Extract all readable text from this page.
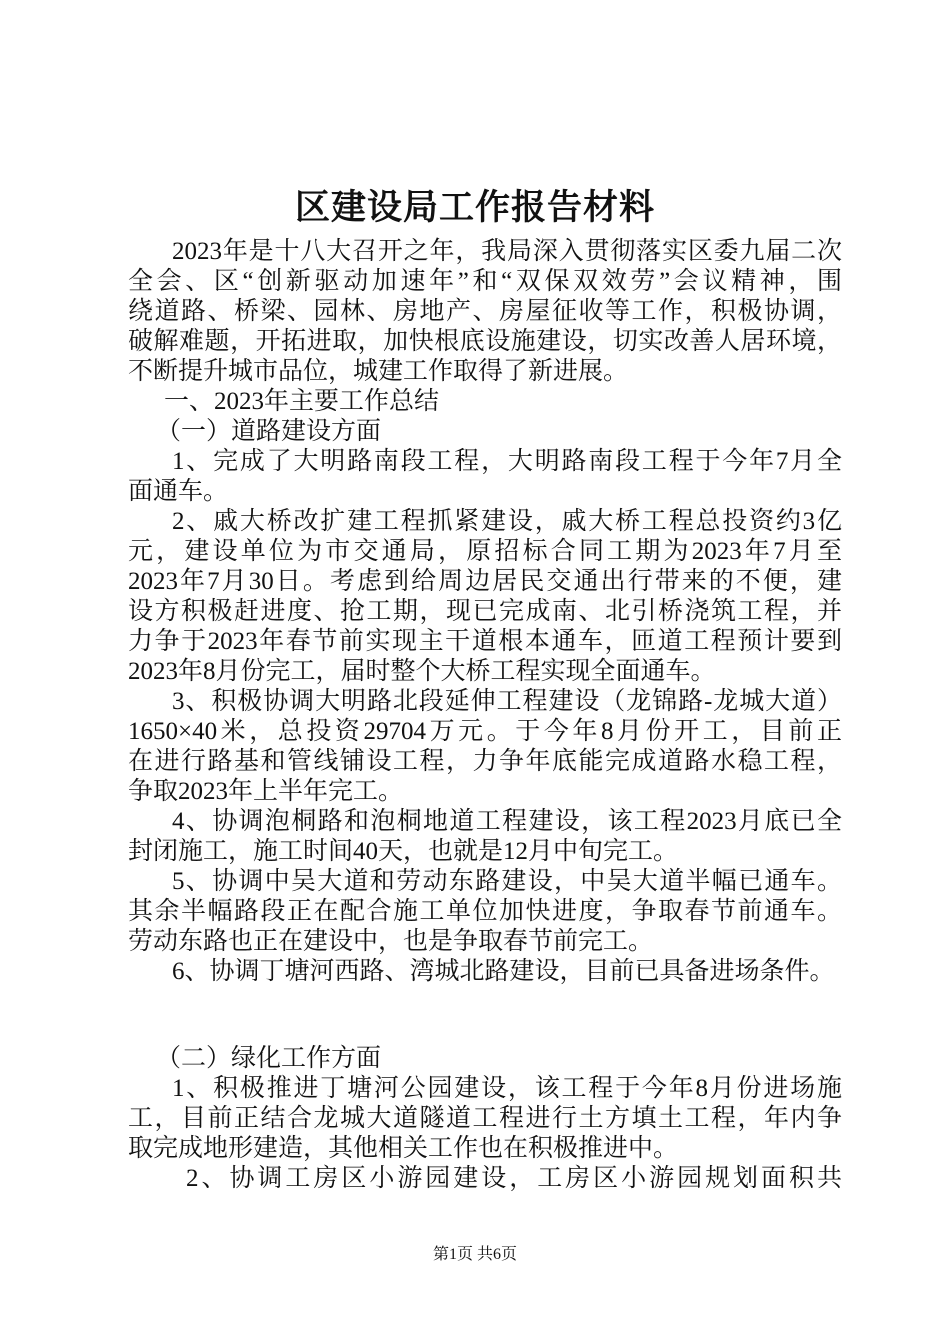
区建设局工作报告材料
2023年是十八大召开之年，我局深入贯彻落实区委九届二次
全会、区“创新驱动加速年”和“双保双效劳”会议精神，围
绕道路、桥梁、园林、房地产、房屋征收等工作，积极协调，
破解难题，开拓进取，加快根底设施建设，切实改善人居环境，
不断提升城市品位，城建工作取得了新进展。
一、2023年主要工作总结
（一）道路建设方面
1、完成了大明路南段工程，大明路南段工程于今年7月全
面通车。
2、戚大桥改扩建工程抓紧建设，戚大桥工程总投资约3亿
元，建设单位为市交通局，原招标合同工期为2023年7月至
2023年7月30日。考虑到给周边居民交通出行带来的不便，建
设方积极赶进度、抢工期，现已完成南、北引桥浇筑工程，并
力争于2023年春节前实现主干道根本通车，匝道工程预计要到
2023年8月份完工，届时整个大桥工程实现全面通车。
3、积极协调大明路北段延伸工程建设（龙锦路-龙城大道）
1650×40米，总投资29704万元。于今年8月份开工，目前正
在进行路基和管线铺设工程，力争年底能完成道路水稳工程，
争取2023年上半年完工。
4、协调泡桐路和泡桐地道工程建设，该工程2023月底已全
封闭施工，施工时间40天，也就是12月中旬完工。
5、协调中吴大道和劳动东路建设，中吴大道半幅已通车。
其余半幅路段正在配合施工单位加快进度，争取春节前通车。
劳动东路也正在建设中，也是争取春节前完工。
6、协调丁塘河西路、湾城北路建设，目前已具备进场条件。
（二）绿化工作方面
1、积极推进丁塘河公园建设，该工程于今年8月份进场施
工，目前正结合龙城大道隧道工程进行土方填土工程，年内争
取完成地形建造，其他相关工作也在积极推进中。
2、协调工房区小游园建设，工房区小游园规划面积共
第1页 共6页
